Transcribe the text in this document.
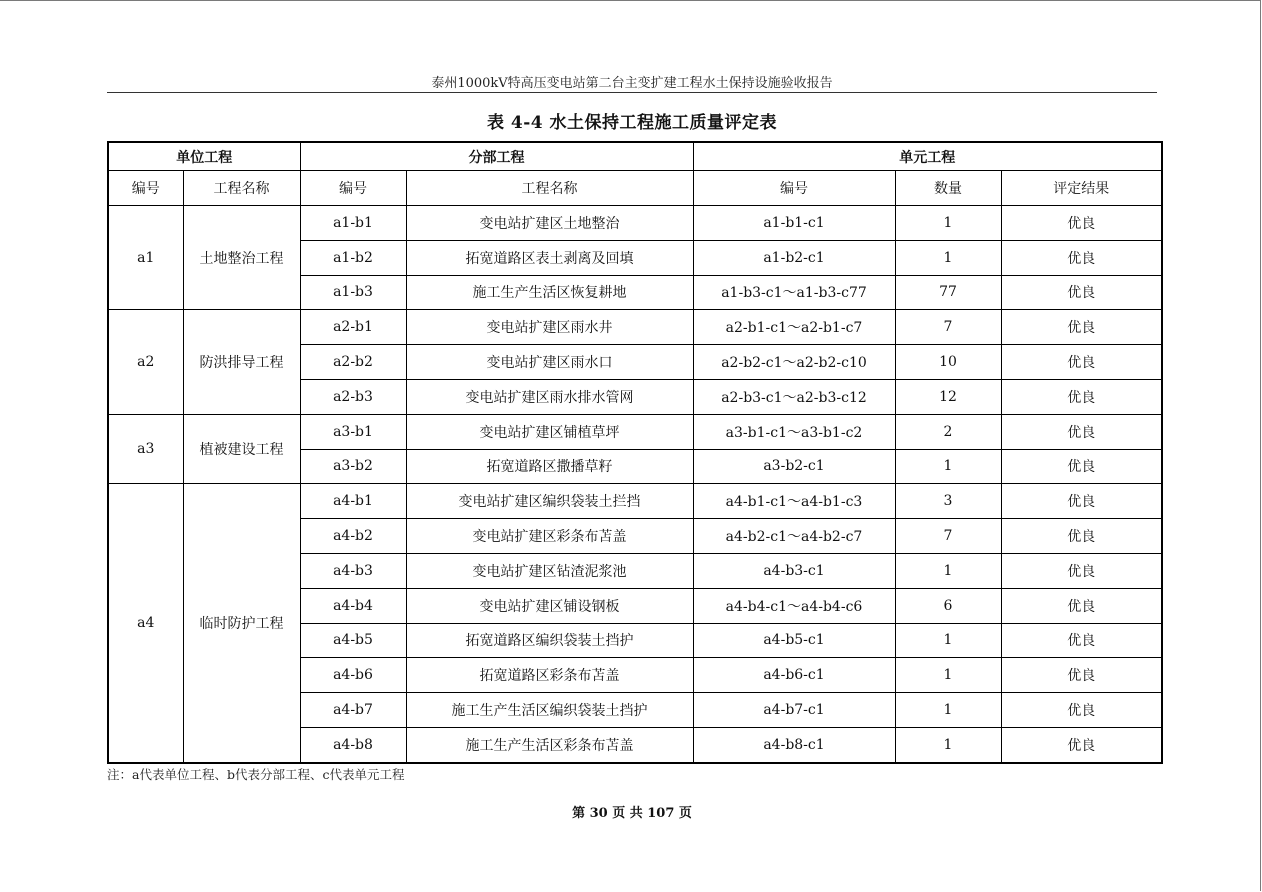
泰州1000kV特高压变电站第二台主变扩建工程水土保持设施验收报告
表 4-4 水土保持工程施工质量评定表
单位工程		分部工程		单元工程		
编号	工程名称	编号	工程名称	编号	数量	评定结果
a1	土地整治工程	a1-b1	变电站扩建区土地整治	a1-b1-c1	1	优良
		a1-b2	拓宽道路区表土剥离及回填	a1-b2-c1	1	优良
		a1-b3	施工生产生活区恢复耕地	a1-b3-c1～a1-b3-c77	77	优良
a2	防洪排导工程	a2-b1	变电站扩建区雨水井	a2-b1-c1～a2-b1-c7	7	优良
		a2-b2	变电站扩建区雨水口	a2-b2-c1～a2-b2-c10	10	优良
		a2-b3	变电站扩建区雨水排水管网	a2-b3-c1～a2-b3-c12	12	优良
a3	植被建设工程	a3-b1	变电站扩建区铺植草坪	a3-b1-c1～a3-b1-c2	2	优良
		a3-b2	拓宽道路区撒播草籽	a3-b2-c1	1	优良
a4	临时防护工程	a4-b1	变电站扩建区编织袋装土拦挡	a4-b1-c1～a4-b1-c3	3	优良
		a4-b2	变电站扩建区彩条布苫盖	a4-b2-c1～a4-b2-c7	7	优良
		a4-b3	变电站扩建区钻渣泥浆池	a4-b3-c1	1	优良
		a4-b4	变电站扩建区铺设钢板	a4-b4-c1～a4-b4-c6	6	优良
		a4-b5	拓宽道路区编织袋装土挡护	a4-b5-c1	1	优良
		a4-b6	拓宽道路区彩条布苫盖	a4-b6-c1	1	优良
		a4-b7	施工生产生活区编织袋装土挡护	a4-b7-c1	1	优良
		a4-b8	施工生产生活区彩条布苫盖	a4-b8-c1	1	优良
注：a代表单位工程、b代表分部工程、c代表单元工程
第 30 页 共 107 页
